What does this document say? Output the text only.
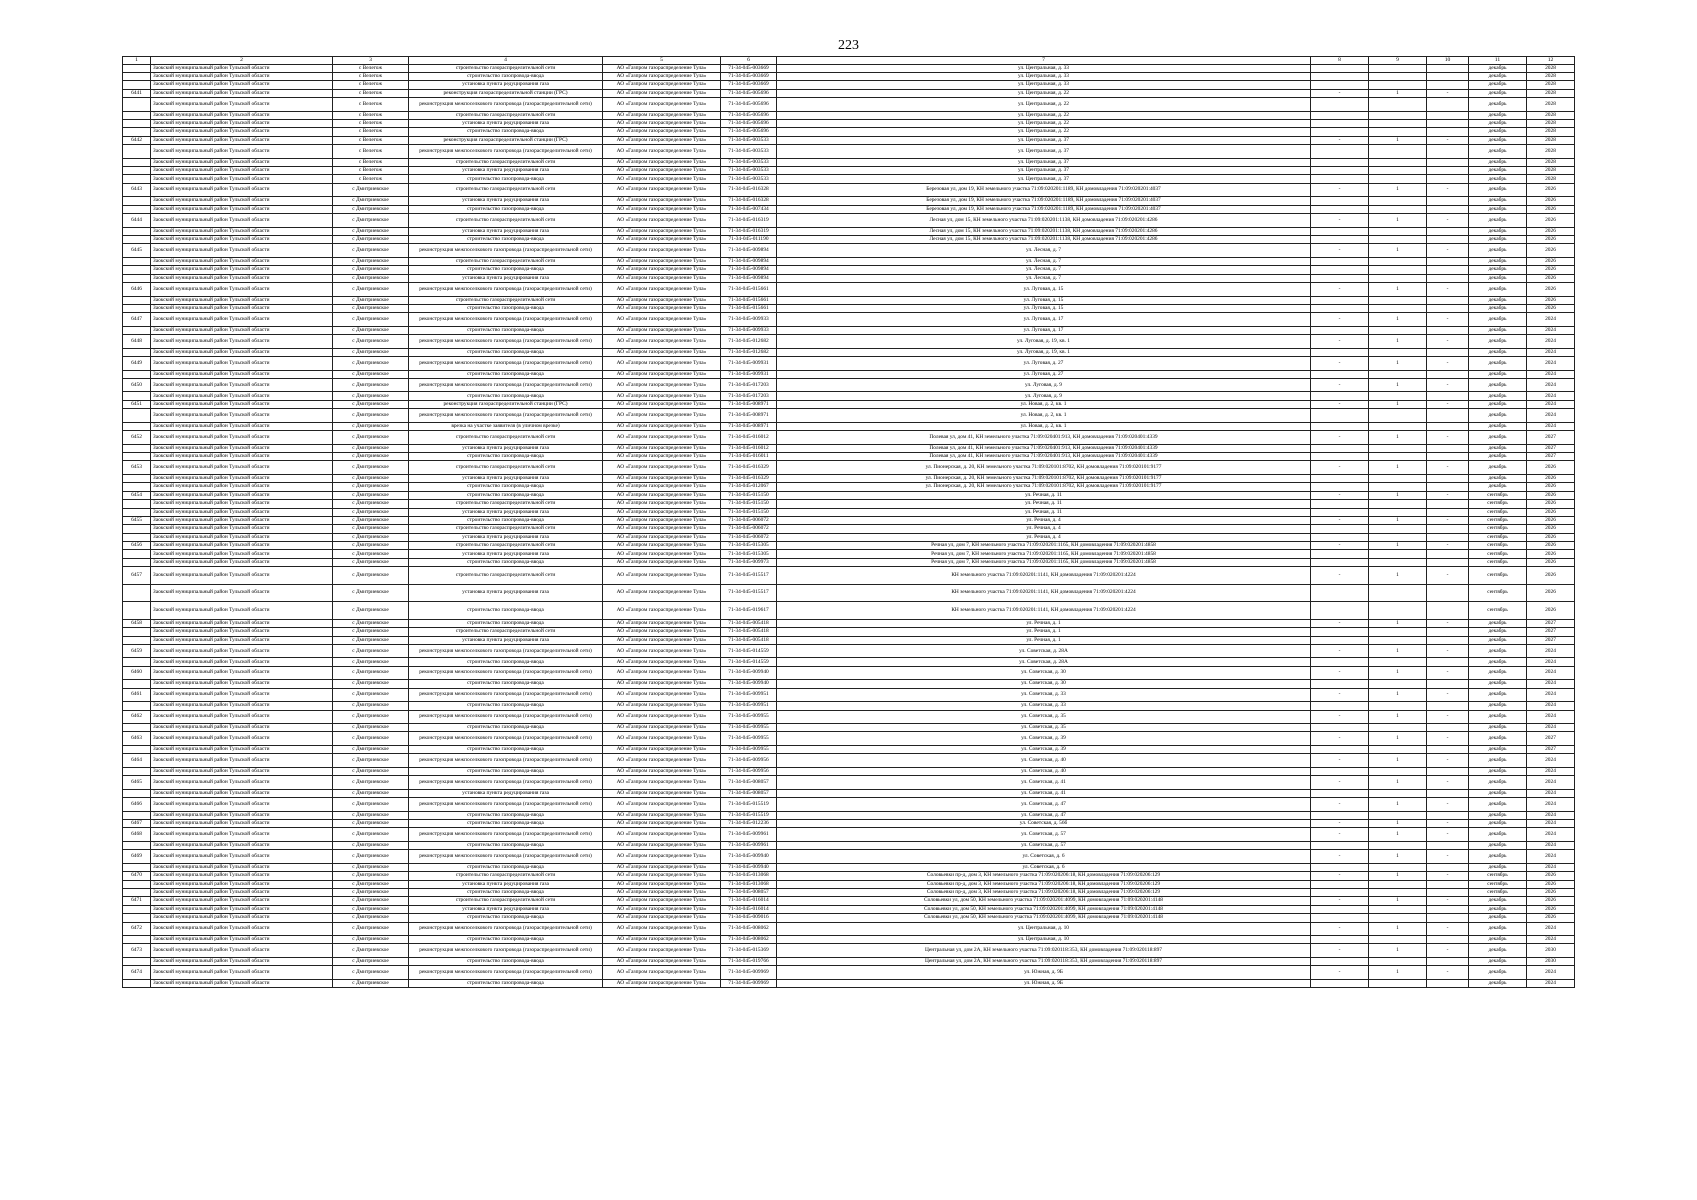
223
1	2	3	4	5	6	7	8	9	10	11	12
	Заокский муниципальный район Тульской области	с Велегож	строительство газораспределительной сети	АО «Газпром газораспределение Тула»	71-34-045-003669	ул. Центральная, д. 33				декабрь	2028
	Заокский муниципальный район Тульской области	с Велегож	строительство газопровода-ввода	АО «Газпром газораспределение Тула»	71-34-045-003669	ул. Центральная, д. 33				декабрь	2028
	Заокский муниципальный район Тульской области	с Велегож	установка пункта редуцирования газа	АО «Газпром газораспределение Тула»	71-34-045-003669	ул. Центральная, д. 33				декабрь	2028
6441	Заокский муниципальный район Тульской области	с Велегож	реконструкция газораспределительной станции (ГРС)	АО «Газпром газораспределение Тула»	71-34-045-005696	ул. Центральная, д. 22	-	1	-	декабрь	2028
	Заокский муниципальный район Тульской области	с Велегож	реконструкция межпоселкового газопровода (газораспределительной сети)	АО «Газпром газораспределение Тула»	71-34-045-005696	ул. Центральная, д. 22				декабрь	2028
	Заокский муниципальный район Тульской области	с Велегож	строительство газораспределительной сети	АО «Газпром газораспределение Тула»	71-34-045-005696	ул. Центральная, д. 22				декабрь	2028
	Заокский муниципальный район Тульской области	с Велегож	установка пункта редуцирования газа	АО «Газпром газораспределение Тула»	71-34-045-005696	ул. Центральная, д. 22				декабрь	2028
	Заокский муниципальный район Тульской области	с Велегож	строительство газопровода-ввода	АО «Газпром газораспределение Тула»	71-34-045-005696	ул. Центральная, д. 22				декабрь	2028
6442	Заокский муниципальный район Тульской области	с Велегож	реконструкция газораспределительной станции (ГРС)	АО «Газпром газораспределение Тула»	71-34-045-003533	ул. Центральная, д. 37	-	1	-	декабрь	2028
	Заокский муниципальный район Тульской области	с Велегож	реконструкция межпоселкового газопровода (газораспределительной сети)	АО «Газпром газораспределение Тула»	71-34-045-003533	ул. Центральная, д. 37				декабрь	2028
	Заокский муниципальный район Тульской области	с Велегож	строительство газораспределительной сети	АО «Газпром газораспределение Тула»	71-34-045-003533	ул. Центральная, д. 37				декабрь	2028
	Заокский муниципальный район Тульской области	с Велегож	установка пункта редуцирования газа	АО «Газпром газораспределение Тула»	71-34-045-003533	ул. Центральная, д. 37				декабрь	2028
	Заокский муниципальный район Тульской области	с Велегож	строительство газопровода-ввода	АО «Газпром газораспределение Тула»	71-34-045-003533	ул. Центральная, д. 37				декабрь	2028
6443	Заокский муниципальный район Тульской области	с Дмитриевское	строительство газораспределительной сети	АО «Газпром газораспределение Тула»	71-34-045-016328	Березовая ул, дом 19, КН земельного участка 71:09:020201:1189, КН домовладения 71:09:020201:4037	-	1	-	декабрь	2026
	Заокский муниципальный район Тульской области	с Дмитриевское	установка пункта редуцирования газа	АО «Газпром газораспределение Тула»	71-34-045-016328	Березовая ул, дом 19, КН земельного участка 71:09:020201:1189, КН домовладения 71:09:020201:4037				декабрь	2026
	Заокский муниципальный район Тульской области	с Дмитриевское	строительство газопровода-ввода	АО «Газпром газораспределение Тула»	71-34-045-007434	Березовая ул, дом 19, КН земельного участка 71:09:020201:1189, КН домовладения 71:09:020201:4037				декабрь	2026
6444	Заокский муниципальный район Тульской области	с Дмитриевское	строительство газораспределительной сети	АО «Газпром газораспределение Тула»	71-34-045-016319	Лесная ул, дом 15, КН земельного участка 71:09:020201:1138, КН домовладения 71:09:020201:4286	-	1	-	декабрь	2026
	Заокский муниципальный район Тульской области	с Дмитриевское	установка пункта редуцирования газа	АО «Газпром газораспределение Тула»	71-34-045-016319	Лесная ул, дом 15, КН земельного участка 71:09:020201:1138, КН домовладения 71:09:020201:4286				декабрь	2026
	Заокский муниципальный район Тульской области	с Дмитриевское	строительство газопровода-ввода	АО «Газпром газораспределение Тула»	71-34-045-011190	Лесная ул, дом 15, КН земельного участка 71:09:020201:1138, КН домовладения 71:09:020201:4286				декабрь	2026
6445	Заокский муниципальный район Тульской области	с Дмитриевское	реконструкция межпоселкового газопровода (газораспределительной сети)	АО «Газпром газораспределение Тула»	71-34-045-009894	ул. Лесная, д. 7	-	1	-	декабрь	2026
	Заокский муниципальный район Тульской области	с Дмитриевское	строительство газораспределительной сети	АО «Газпром газораспределение Тула»	71-34-045-009894	ул. Лесная, д. 7				декабрь	2026
	Заокский муниципальный район Тульской области	с Дмитриевское	строительство газопровода-ввода	АО «Газпром газораспределение Тула»	71-34-045-009894	ул. Лесная, д. 7				декабрь	2026
	Заокский муниципальный район Тульской области	с Дмитриевское	установка пункта редуцирования газа	АО «Газпром газораспределение Тула»	71-34-045-009894	ул. Лесная, д. 7				декабрь	2026
6446	Заокский муниципальный район Тульской области	с Дмитриевское	реконструкция межпоселкового газопровода (газораспределительной сети)	АО «Газпром газораспределение Тула»	71-34-045-015661	ул. Луговая, д. 15	-	1	-	декабрь	2026
	Заокский муниципальный район Тульской области	с Дмитриевское	строительство газораспределительной сети	АО «Газпром газораспределение Тула»	71-34-045-015661	ул. Луговая, д. 15				декабрь	2026
	Заокский муниципальный район Тульской области	с Дмитриевское	строительство газопровода-ввода	АО «Газпром газораспределение Тула»	71-34-045-015661	ул. Луговая, д. 15				декабрь	2026
6447	Заокский муниципальный район Тульской области	с Дмитриевское	реконструкция межпоселкового газопровода (газораспределительной сети)	АО «Газпром газораспределение Тула»	71-34-045-009933	ул. Луговая, д. 17	-	1	-	декабрь	2024
	Заокский муниципальный район Тульской области	с Дмитриевское	строительство газопровода-ввода	АО «Газпром газораспределение Тула»	71-34-045-009933	ул. Луговая, д. 17				декабрь	2024
6448	Заокский муниципальный район Тульской области	с Дмитриевское	реконструкция межпоселкового газопровода (газораспределительной сети)	АО «Газпром газораспределение Тула»	71-34-045-012682	ул. Луговая, д. 19, кв. 1	-	1	-	декабрь	2024
	Заокский муниципальный район Тульской области	с Дмитриевское	строительство газопровода-ввода	АО «Газпром газораспределение Тула»	71-34-045-012682	ул. Луговая, д. 19, кв. 1				декабрь	2024
6449	Заокский муниципальный район Тульской области	с Дмитриевское	реконструкция межпоселкового газопровода (газораспределительной сети)	АО «Газпром газораспределение Тула»	71-34-045-009931	ул. Луговая, д. 27	-	1	-	декабрь	2024
	Заокский муниципальный район Тульской области	с Дмитриевское	строительство газопровода-ввода	АО «Газпром газораспределение Тула»	71-34-045-009931	ул. Луговая, д. 27				декабрь	2024
6450	Заокский муниципальный район Тульской области	с Дмитриевское	реконструкция межпоселкового газопровода (газораспределительной сети)	АО «Газпром газораспределение Тула»	71-34-045-017203	ул. Луговая, д. 9	-	1	-	декабрь	2024
	Заокский муниципальный район Тульской области	с Дмитриевское	строительство газопровода-ввода	АО «Газпром газораспределение Тула»	71-34-045-017203	ул. Луговая, д. 9				декабрь	2024
6451	Заокский муниципальный район Тульской области	с Дмитриевское	реконструкция газораспределительной станции (ГРС)	АО «Газпром газораспределение Тула»	71-34-045-008971	ул. Новая, д. 2, кв. 1	-	1	-	декабрь	2024
	Заокский муниципальный район Тульской области	с Дмитриевское	реконструкция межпоселкового газопровода (газораспределительной сети)	АО «Газпром газораспределение Тула»	71-34-045-008971	ул. Новая, д. 2, кв. 1				декабрь	2024
	Заокский муниципальный район Тульской области	с Дмитриевское	врезка на участке заявителя (в уличном врезке)	АО «Газпром газораспределение Тула»	71-34-045-008971	ул. Новая, д. 2, кв. 1				декабрь	2024
6452	Заокский муниципальный район Тульской области	с Дмитриевское	строительство газораспределительной сети	АО «Газпром газораспределение Тула»	71-34-045-016012	Полевая ул, дом 41, КН земельного участка 71:09:020401:913, КН домовладения 71:09:020401:4339	-	1	-	декабрь	2027
	Заокский муниципальный район Тульской области	с Дмитриевское	установка пункта редуцирования газа	АО «Газпром газораспределение Тула»	71-34-045-016012	Полевая ул, дом 41, КН земельного участка 71:09:020401:913, КН домовладения 71:09:020401:4339				декабрь	2027
	Заокский муниципальный район Тульской области	с Дмитриевское	строительство газопровода-ввода	АО «Газпром газораспределение Тула»	71-34-045-016011	Полевая ул, дом 41, КН земельного участка 71:09:020401:913, КН домовладения 71:09:020401:4339				декабрь	2027
6453	Заокский муниципальный район Тульской области	с Дмитриевское	строительство газораспределительной сети	АО «Газпром газораспределение Тула»	71-34-045-016329	ул. Пионерская, д. 20, КН земельного участка 71:09:020101:8702, КН домовладения 71:09:020101:9177	-	1	-	декабрь	2026
	Заокский муниципальный район Тульской области	с Дмитриевское	установка пункта редуцирования газа	АО «Газпром газораспределение Тула»	71-34-045-016329	ул. Пионерская, д. 20, КН земельного участка 71:09:020101:8702, КН домовладения 71:09:020101:9177				декабрь	2026
	Заокский муниципальный район Тульской области	с Дмитриевское	строительство газопровода-ввода	АО «Газпром газораспределение Тула»	71-34-045-012067	ул. Пионерская, д. 20, КН земельного участка 71:09:020101:8702, КН домовладения 71:09:020101:9177				декабрь	2026
6454	Заокский муниципальный район Тульской области	с Дмитриевское	строительство газопровода-ввода	АО «Газпром газораспределение Тула»	71-34-045-015150	ул. Речная, д. 11	-	1	-	сентябрь	2026
	Заокский муниципальный район Тульской области	с Дмитриевское	строительство газораспределительной сети	АО «Газпром газораспределение Тула»	71-34-045-015150	ул. Речная, д. 11				сентябрь	2026
	Заокский муниципальный район Тульской области	с Дмитриевское	установка пункта редуцирования газа	АО «Газпром газораспределение Тула»	71-34-045-015150	ул. Речная, д. 11				сентябрь	2026
6455	Заокский муниципальный район Тульской области	с Дмитриевское	строительство газопровода-ввода	АО «Газпром газораспределение Тула»	71-34-045-006072	ул. Речная, д. 4	-	1	-	сентябрь	2026
	Заокский муниципальный район Тульской области	с Дмитриевское	строительство газораспределительной сети	АО «Газпром газораспределение Тула»	71-34-045-006072	ул. Речная, д. 4				сентябрь	2026
	Заокский муниципальный район Тульской области	с Дмитриевское	установка пункта редуцирования газа	АО «Газпром газораспределение Тула»	71-34-045-006072	ул. Речная, д. 4				сентябрь	2026
6456	Заокский муниципальный район Тульской области	с Дмитриевское	строительство газораспределительной сети	АО «Газпром газораспределение Тула»	71-34-045-015305	Речная ул, дом 7, КН земельного участка 71:09:020201:1165, КН домовладения 71:09:020201:4858	-	1	-	сентябрь	2026
	Заокский муниципальный район Тульской области	с Дмитриевское	установка пункта редуцирования газа	АО «Газпром газораспределение Тула»	71-34-045-015305	Речная ул, дом 7, КН земельного участка 71:09:020201:1165, КН домовладения 71:09:020201:4858				сентябрь	2026
	Заокский муниципальный район Тульской области	с Дмитриевское	строительство газопровода-ввода	АО «Газпром газораспределение Тула»	71-34-045-009973	Речная ул, дом 7, КН земельного участка 71:09:020201:1165, КН домовладения 71:09:020201:4858				сентябрь	2026
6457	Заокский муниципальный район Тульской области	с Дмитриевское	строительство газораспределительной сети	АО «Газпром газораспределение Тула»	71-34-045-015517	КН земельного участка 71:09:020201:1141, КН домовладения 71:09:020201:4224	-	1	-	сентябрь	2026
	Заокский муниципальный район Тульской области	с Дмитриевское	установка пункта редуцирования газа	АО «Газпром газораспределение Тула»	71-34-045-015517	КН земельного участка 71:09:020201:1141, КН домовладения 71:09:020201:4224				сентябрь	2026
	Заокский муниципальный район Тульской области	с Дмитриевское	строительство газопровода-ввода	АО «Газпром газораспределение Тула»	71-34-045-019617	КН земельного участка 71:09:020201:1141, КН домовладения 71:09:020201:4224				сентябрь	2026
6458	Заокский муниципальный район Тульской области	с Дмитриевское	строительство газопровода-ввода	АО «Газпром газораспределение Тула»	71-34-045-005418	ул. Речная, д. 1	-	1	-	декабрь	2027
	Заокский муниципальный район Тульской области	с Дмитриевское	строительство газораспределительной сети	АО «Газпром газораспределение Тула»	71-34-045-005418	ул. Речная, д. 1				декабрь	2027
	Заокский муниципальный район Тульской области	с Дмитриевское	установка пункта редуцирования газа	АО «Газпром газораспределение Тула»	71-34-045-005418	ул. Речная, д. 1				декабрь	2027
6459	Заокский муниципальный район Тульской области	с Дмитриевское	реконструкция межпоселкового газопровода (газораспределительной сети)	АО «Газпром газораспределение Тула»	71-34-045-014559	ул. Советская, д. 28А	-	1	-	декабрь	2024
	Заокский муниципальный район Тульской области	с Дмитриевское	строительство газопровода-ввода	АО «Газпром газораспределение Тула»	71-34-045-014559	ул. Советская, д. 28А				декабрь	2024
6460	Заокский муниципальный район Тульской области	с Дмитриевское	реконструкция межпоселкового газопровода (газораспределительной сети)	АО «Газпром газораспределение Тула»	71-34-045-009940	ул. Советская, д. 30	-	1	-	декабрь	2024
	Заокский муниципальный район Тульской области	с Дмитриевское	строительство газопровода-ввода	АО «Газпром газораспределение Тула»	71-34-045-009940	ул. Советская, д. 30				декабрь	2024
6461	Заокский муниципальный район Тульской области	с Дмитриевское	реконструкция межпоселкового газопровода (газораспределительной сети)	АО «Газпром газораспределение Тула»	71-34-045-009951	ул. Советская, д. 33	-	1	-	декабрь	2024
	Заокский муниципальный район Тульской области	с Дмитриевское	строительство газопровода-ввода	АО «Газпром газораспределение Тула»	71-34-045-009951	ул. Советская, д. 33				декабрь	2024
6462	Заокский муниципальный район Тульской области	с Дмитриевское	реконструкция межпоселкового газопровода (газораспределительной сети)	АО «Газпром газораспределение Тула»	71-34-045-009955	ул. Советская, д. 35	-	1	-	декабрь	2024
	Заокский муниципальный район Тульской области	с Дмитриевское	строительство газопровода-ввода	АО «Газпром газораспределение Тула»	71-34-045-009955	ул. Советская, д. 35				декабрь	2024
6463	Заокский муниципальный район Тульской области	с Дмитриевское	реконструкция межпоселкового газопровода (газораспределительной сети)	АО «Газпром газораспределение Тула»	71-34-045-009955	ул. Советская, д. 39	-	1	-	декабрь	2027
	Заокский муниципальный район Тульской области	с Дмитриевское	строительство газопровода-ввода	АО «Газпром газораспределение Тула»	71-34-045-009955	ул. Советская, д. 39				декабрь	2027
6464	Заокский муниципальный район Тульской области	с Дмитриевское	реконструкция межпоселкового газопровода (газораспределительной сети)	АО «Газпром газораспределение Тула»	71-34-045-009956	ул. Советская, д. 40	-	1	-	декабрь	2024
	Заокский муниципальный район Тульской области	с Дмитриевское	строительство газопровода-ввода	АО «Газпром газораспределение Тула»	71-34-045-009956	ул. Советская, д. 40				декабрь	2024
6465	Заокский муниципальный район Тульской области	с Дмитриевское	реконструкция межпоселкового газопровода (газораспределительной сети)	АО «Газпром газораспределение Тула»	71-34-045-008057	ул. Советская, д. 41	-	1	-	декабрь	2024
	Заокский муниципальный район Тульской области	с Дмитриевское	установка пункта редуцирования газа	АО «Газпром газораспределение Тула»	71-34-045-008057	ул. Советская, д. 41				декабрь	2024
6466	Заокский муниципальный район Тульской области	с Дмитриевское	реконструкция межпоселкового газопровода (газораспределительной сети)	АО «Газпром газораспределение Тула»	71-34-045-015519	ул. Советская, д. 47	-	1	-	декабрь	2024
	Заокский муниципальный район Тульской области	с Дмитриевское	строительство газопровода-ввода	АО «Газпром газораспределение Тула»	71-34-045-015519	ул. Советская, д. 47				декабрь	2024
6467	Заокский муниципальный район Тульской области	с Дмитриевское	строительство газопровода-ввода	АО «Газпром газораспределение Тула»	71-34-045-012236	ул. Советская, д. 56б	-	1	-	декабрь	2024
6468	Заокский муниципальный район Тульской области	с Дмитриевское	реконструкция межпоселкового газопровода (газораспределительной сети)	АО «Газпром газораспределение Тула»	71-34-045-009961	ул. Советская, д. 57	-	1	-	декабрь	2024
	Заокский муниципальный район Тульской области	с Дмитриевское	строительство газопровода-ввода	АО «Газпром газораспределение Тула»	71-34-045-009961	ул. Советская, д. 57				декабрь	2024
6469	Заокский муниципальный район Тульской области	с Дмитриевское	реконструкция межпоселкового газопровода (газораспределительной сети)	АО «Газпром газораспределение Тула»	71-34-045-009940	ул. Советская, д. 6	-	1	-	декабрь	2024
	Заокский муниципальный район Тульской области	с Дмитриевское	строительство газопровода-ввода	АО «Газпром газораспределение Тула»	71-34-045-009940	ул. Советская, д. 6				декабрь	2024
6470	Заокский муниципальный район Тульской области	с Дмитриевское	строительство газораспределительной сети	АО «Газпром газораспределение Тула»	71-34-045-013068	Соловьевки пр-д, дом 3, КН земельного участка 71:09:020206:18, КН домовладения 71:09:020206:129	-	1	-	сентябрь	2026
	Заокский муниципальный район Тульской области	с Дмитриевское	установка пункта редуцирования газа	АО «Газпром газораспределение Тула»	71-34-045-013068	Соловьевки пр-д, дом 3, КН земельного участка 71:09:020206:18, КН домовладения 71:09:020206:129				сентябрь	2026
	Заокский муниципальный район Тульской области	с Дмитриевское	строительство газопровода-ввода	АО «Газпром газораспределение Тула»	71-34-045-008057	Соловьевки пр-д, дом 3, КН земельного участка 71:09:020206:18, КН домовладения 71:09:020206:129				сентябрь	2026
6471	Заокский муниципальный район Тульской области	с Дмитриевское	строительство газораспределительной сети	АО «Газпром газораспределение Тула»	71-34-045-016014	Соловьевки ул, дом 50, КН земельного участка 71:09:020201:4099, КН домовладения 71:09:020201:4148	-	1	-	декабрь	2026
	Заокский муниципальный район Тульской области	с Дмитриевское	установка пункта редуцирования газа	АО «Газпром газораспределение Тула»	71-34-045-016014	Соловьевки ул, дом 50, КН земельного участка 71:09:020201:4099, КН домовладения 71:09:020201:4148				декабрь	2026
	Заокский муниципальный район Тульской области	с Дмитриевское	строительство газопровода-ввода	АО «Газпром газораспределение Тула»	71-34-045-009016	Соловьевки ул, дом 50, КН земельного участка 71:09:020201:4099, КН домовладения 71:09:020201:4148				декабрь	2026
6472	Заокский муниципальный район Тульской области	с Дмитриевское	реконструкция межпоселкового газопровода (газораспределительной сети)	АО «Газпром газораспределение Тула»	71-34-045-008062	ул. Центральная, д. 10	-	1	-	декабрь	2024
	Заокский муниципальный район Тульской области	с Дмитриевское	строительство газопровода-ввода	АО «Газпром газораспределение Тула»	71-34-045-008062	ул. Центральная, д. 10				декабрь	2024
6473	Заокский муниципальный район Тульской области	с Дмитриевское	реконструкция межпоселкового газопровода (газораспределительной сети)	АО «Газпром газораспределение Тула»	71-34-045-015369	Центральная ул, дом 2А, КН земельного участка 71:09:020118:353, КН домовладения 71:09:020118:897	-	1	-	декабрь	2030
	Заокский муниципальный район Тульской области	с Дмитриевское	строительство газопровода-ввода	АО «Газпром газораспределение Тула»	71-34-045-019766	Центральная ул, дом 2А, КН земельного участка 71:09:020118:353, КН домовладения 71:09:020118:897				декабрь	2030
6474	Заокский муниципальный район Тульской области	с Дмитриевское	реконструкция межпоселкового газопровода (газораспределительной сети)	АО «Газпром газораспределение Тула»	71-34-045-009969	ул. Южная, д. 9Б	-	1	-	декабрь	2024
	Заокский муниципальный район Тульской области	с Дмитриевское	строительство газопровода-ввода	АО «Газпром газораспределение Тула»	71-34-045-009969	ул. Южная, д. 9Б				декабрь	2024
